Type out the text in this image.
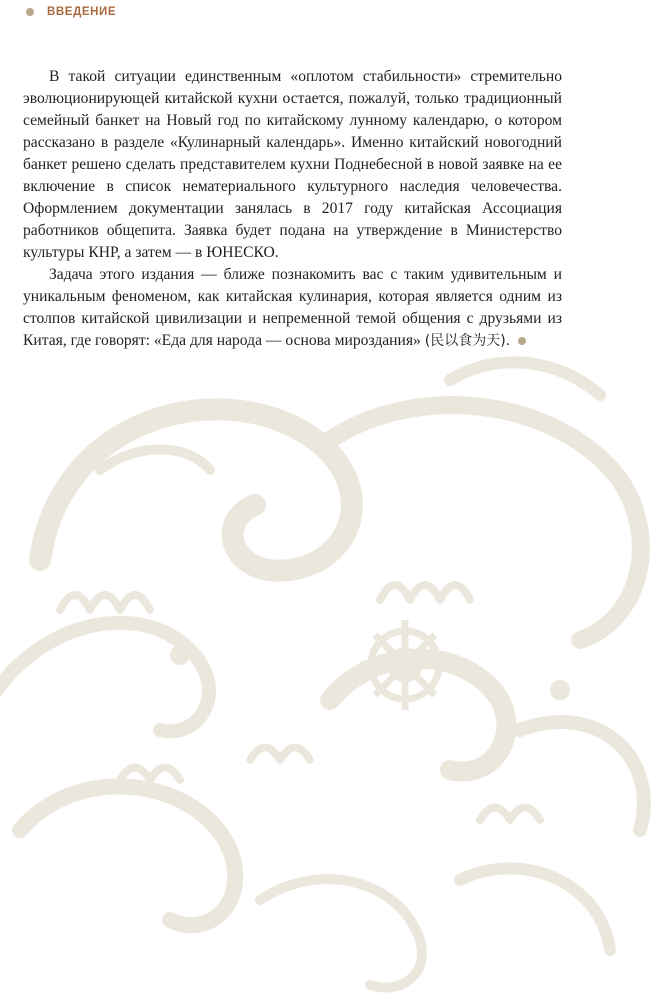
ВВЕДЕНИЕ

В такой ситуации единственным «оплотом стабильности» стремительно эволюционирующей китайской кухни остается, пожалуй, только традиционный семейный банкет на Новый год по китайскому лунному календарю, о котором рассказано в разделе «Кулинарный календарь». Именно китайский новогодний банкет решено сделать представителем кухни Поднебесной в новой заявке на ее включение в список нематериального культурного наследия человечества. Оформлением документации занялась в 2017 году китайская Ассоциация работников общепита. Заявка будет подана на утверждение в Министерство культуры КНР, а затем — в ЮНЕСКО.

Задача этого издания — ближе познакомить вас с таким удивительным и уникальным феноменом, как китайская кулинария, которая является одним из столпов китайской цивилизации и непременной темой общения с друзьями из Китая, где говорят: «Еда для народа — основа мироздания» (民以食为天).
